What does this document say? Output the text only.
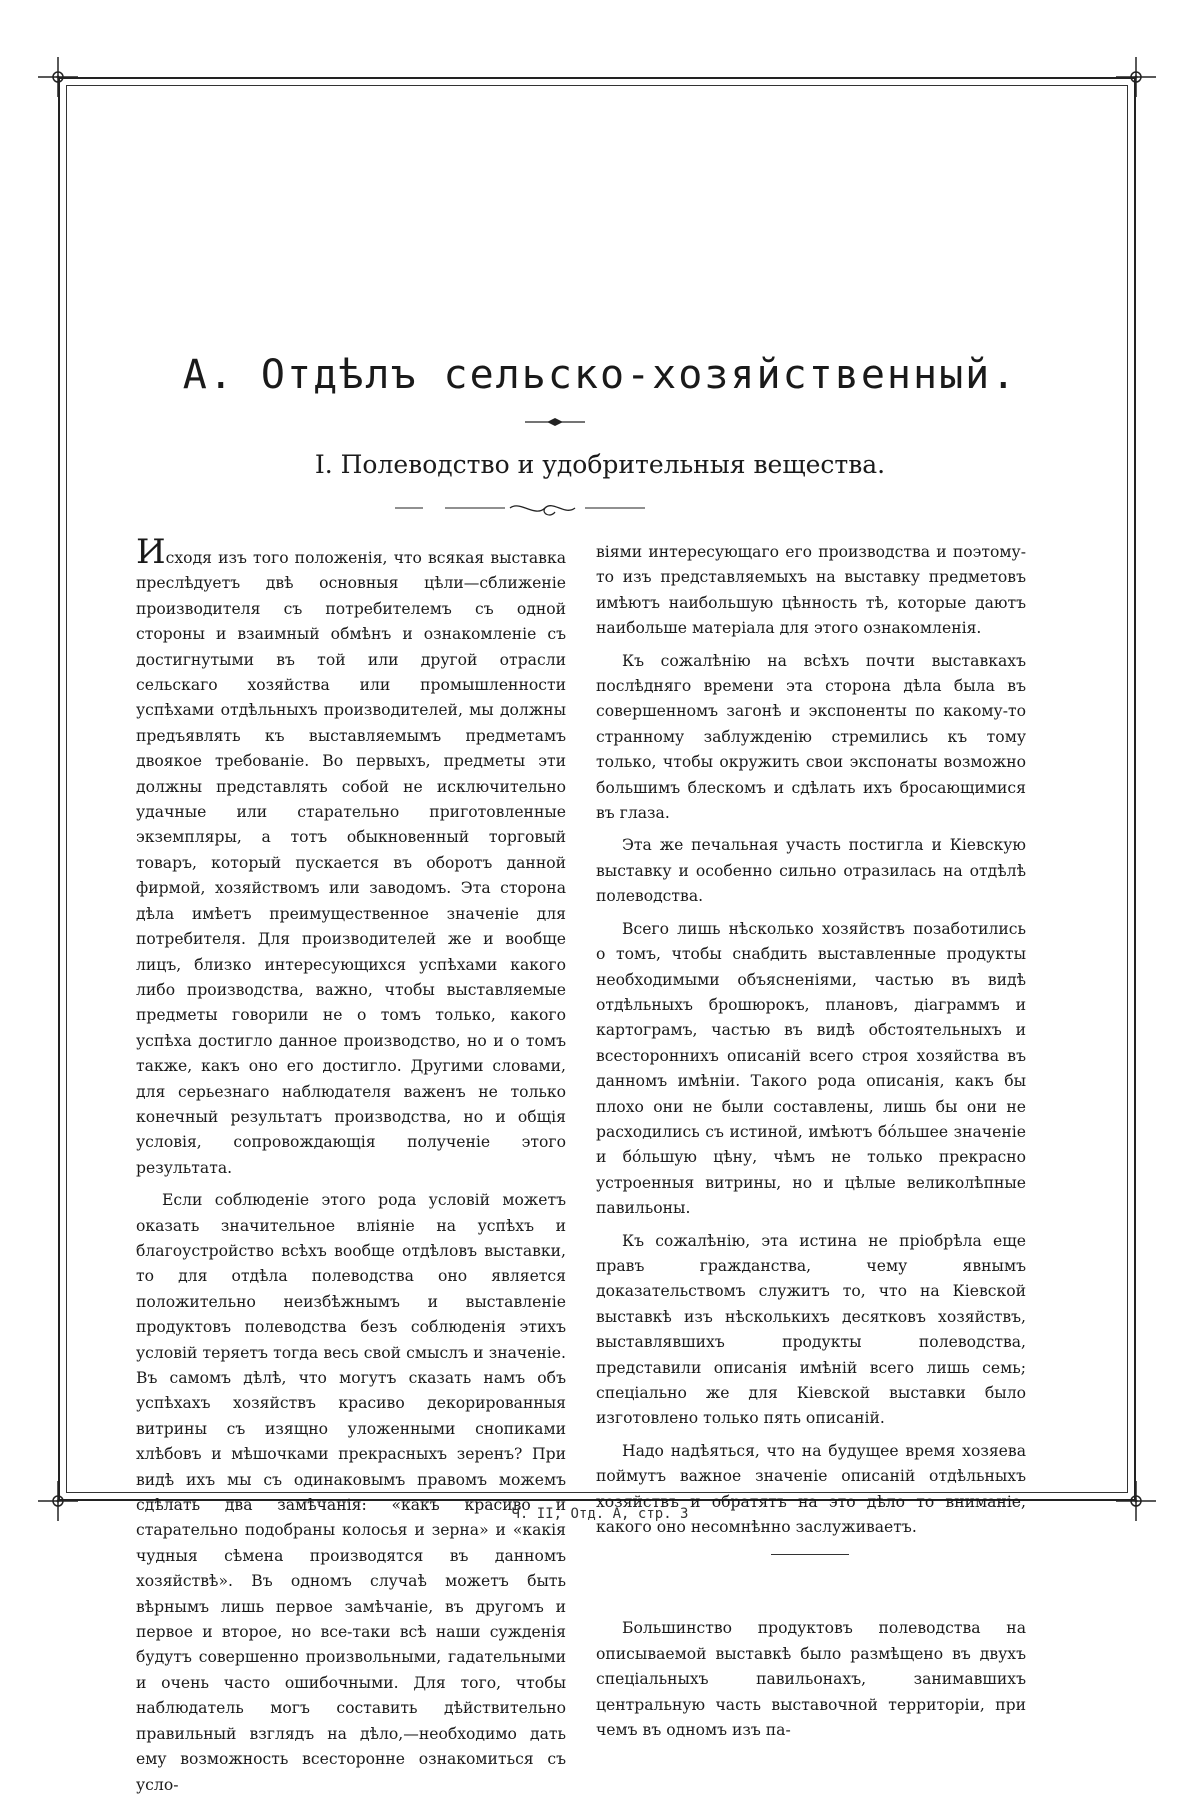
А. Отдѣлъ сельско-хозяйственный.
I. Полеводство и удобрительныя вещества.

Исходя изъ того положенія, что всякая выставка преслѣдуетъ двѣ основныя цѣли—сближеніе производителя съ потребителемъ съ одной стороны и взаимный обмѣнъ и ознакомленіе съ достигнутыми въ той или другой отрасли сельскаго хозяйства или промышленности успѣхами отдѣльныхъ производителей, мы должны предъявлять къ выставляемымъ предметамъ двоякое требованіе. Во первыхъ, предметы эти должны представлять собой не исключительно удачные или старательно приготовленные экземпляры, а тотъ обыкновенный торговый товаръ, который пускается въ оборотъ данной фирмой, хозяйствомъ или заводомъ. Эта сторона дѣла имѣетъ преимущественное значеніе для потребителя. Для производителей же и вообще лицъ, близко интересующихся успѣхами какого либо производства, важно, чтобы выставляемые предметы говорили не о томъ только, какого успѣха достигло данное производство, но и о томъ также, какъ оно его достигло. Другими словами, для серьезнаго наблюдателя важенъ не только конечный результатъ производства, но и общія условія, сопровождающія полученіе этого результата.

Если соблюденіе этого рода условій можетъ оказать значительное вліяніе на успѣхъ и благоустройство всѣхъ вообще отдѣловъ выставки, то для отдѣла полеводства оно является положительно неизбѣжнымъ и выставленіе продуктовъ полеводства безъ соблюденія этихъ условій теряетъ тогда весь свой смыслъ и значеніе. Въ самомъ дѣлѣ, что могутъ сказать намъ объ успѣхахъ хозяйствъ красиво декорированныя витрины съ изящно уложенными снопиками хлѣбовъ и мѣшочками прекрасныхъ зеренъ? При видѣ ихъ мы съ одинаковымъ правомъ можемъ сдѣлать два замѣчанія: «какъ красиво и старательно подобраны колосья и зерна» и «какія чудныя сѣмена производятся въ данномъ хозяйствѣ». Въ одномъ случаѣ можетъ быть вѣрнымъ лишь первое замѣчаніе, въ другомъ и первое и второе, но все-таки всѣ наши сужденія будутъ совершенно произвольными, гадательными и очень часто ошибочными. Для того, чтобы наблюдатель могъ составить дѣйствительно правильный взглядъ на дѣло,—необходимо дать ему возможность всесторонне ознакомиться съ усло-

віями интересующаго его производства и поэтому-то изъ представляемыхъ на выставку предметовъ имѣютъ наибольшую цѣнность тѣ, которые даютъ наибольше матеріала для этого ознакомленія.

Къ сожалѣнію на всѣхъ почти выставкахъ послѣдняго времени эта сторона дѣла была въ совершенномъ загонѣ и экспоненты по какому-то странному заблужденію стремились къ тому только, чтобы окружить свои экспонаты возможно большимъ блескомъ и сдѣлать ихъ бросающимися въ глаза.

Эта же печальная участь постигла и Кіевскую выставку и особенно сильно отразилась на отдѣлѣ полеводства.

Всего лишь нѣсколько хозяйствъ позаботились о томъ, чтобы снабдить выставленные продукты необходимыми объясненіями, частью въ видѣ отдѣльныхъ брошюрокъ, плановъ, діаграммъ и картограмъ, частью въ видѣ обстоятельныхъ и всестороннихъ описаній всего строя хозяйства въ данномъ имѣніи. Такого рода описанія, какъ бы плохо они не были составлены, лишь бы они не расходились съ истиной, имѣютъ бо́льшее значеніе и бо́льшую цѣну, чѣмъ не только прекрасно устроенныя витрины, но и цѣлые великолѣпные павильоны.

Къ сожалѣнію, эта истина не пріобрѣла еще правъ гражданства, чему явнымъ доказательствомъ служитъ то, что на Кіевской выставкѣ изъ нѣсколькихъ десятковъ хозяйствъ, выставлявшихъ продукты полеводства, представили описанія имѣній всего лишь семь; спеціально же для Кіевской выставки было изготовлено только пять описаній.

Надо надѣяться, что на будущее время хозяева поймутъ важное значеніе описаній отдѣльныхъ хозяйствъ и обратятъ на это дѣло то вниманіе, какого оно несомнѣнно заслуживаетъ.

Большинство продуктовъ полеводства на описываемой выставкѣ было размѣщено въ двухъ спеціальныхъ павильонахъ, занимавшихъ центральную часть выставочной территоріи, при чемъ въ одномъ изъ па-

Ч. II, Отд. А, стр. 3
